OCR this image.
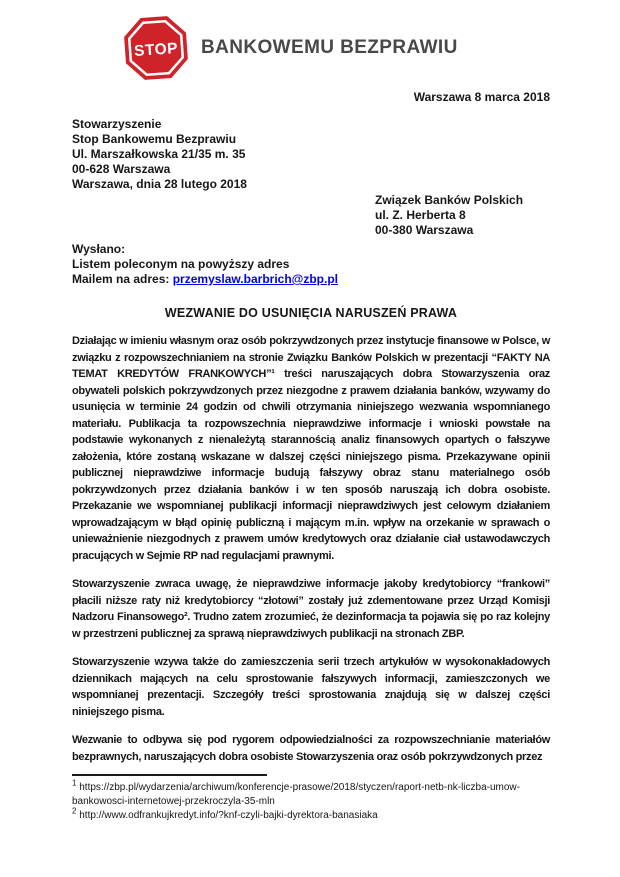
STOP BANKOWEMU BEZPRAWIU
Warszawa 8 marca 2018
Stowarzyszenie
Stop Bankowemu Bezprawiu
Ul. Marszałkowska 21/35 m. 35
00-628 Warszawa
Warszawa, dnia 28 lutego 2018
Związek Banków Polskich
ul. Z. Herberta 8
00-380 Warszawa
Wysłano:
Listem poleconym na powyższy adres
Mailem na adres: przemyslaw.barbrich@zbp.pl
WEZWANIE DO USUNIĘCIA NARUSZEŃ PRAWA

Działając w imieniu własnym oraz osób pokrzywdzonych przez instytucje finansowe w Polsce, w związku z rozpowszechnianiem na stronie Związku Banków Polskich w prezentacji “FAKTY NA TEMAT KREDYTÓW FRANKOWYCH”¹ treści naruszających dobra Stowarzyszenia oraz obywateli polskich pokrzywdzonych przez niezgodne z prawem działania banków, wzywamy do usunięcia w terminie 24 godzin od chwili otrzymania niniejszego wezwania wspomnianego materiału. Publikacja ta rozpowszechnia nieprawdziwe informacje i wnioski powstałe na podstawie wykonanych z nienależytą starannością analiz finansowych opartych o fałszywe założenia, które zostaną wskazane w dalszej części niniejszego pisma. Przekazywane opinii publicznej nieprawdziwe informacje budują fałszywy obraz stanu materialnego osób pokrzywdzonych przez działania banków i w ten sposób naruszają ich dobra osobiste. Przekazanie we wspomnianej publikacji informacji nieprawdziwych jest celowym działaniem wprowadzającym w błąd opinię publiczną i mającym m.in. wpływ na orzekanie w sprawach o unieważnienie niezgodnych z prawem umów kredytowych oraz działanie ciał ustawodawczych pracujących w Sejmie RP nad regulacjami prawnymi.

Stowarzyszenie zwraca uwagę, że nieprawdziwe informacje jakoby kredytobiorcy “frankowi” płacili niższe raty niż kredytobiorcy “złotowi” zostały już zdementowane przez Urząd Komisji Nadzoru Finansowego². Trudno zatem zrozumieć, że dezinformacja ta pojawia się po raz kolejny w przestrzeni publicznej za sprawą nieprawdziwych publikacji na stronach ZBP.

Stowarzyszenie wzywa także do zamieszczenia serii trzech artykułów w wysokonakładowych dziennikach mających na celu sprostowanie fałszywych informacji, zamieszczonych we wspomnianej prezentacji. Szczegóły treści sprostowania znajdują się w dalszej części niniejszego pisma.

Wezwanie to odbywa się pod rygorem odpowiedzialności za rozpowszechnianie materiałów bezprawnych, naruszających dobra osobiste Stowarzyszenia oraz osób pokrzywdzonych przez

$^1$ https://zbp.pl/wydarzenia/archiwum/konferencje-prasowe/2018/styczen/raport-netb-nk-liczba-umow-bankowosci-internetowej-przekroczyla-35-mln
$^2$ http://www.odfrankujkredyt.info/?knf-czyli-bajki-dyrektora-banasiaka
